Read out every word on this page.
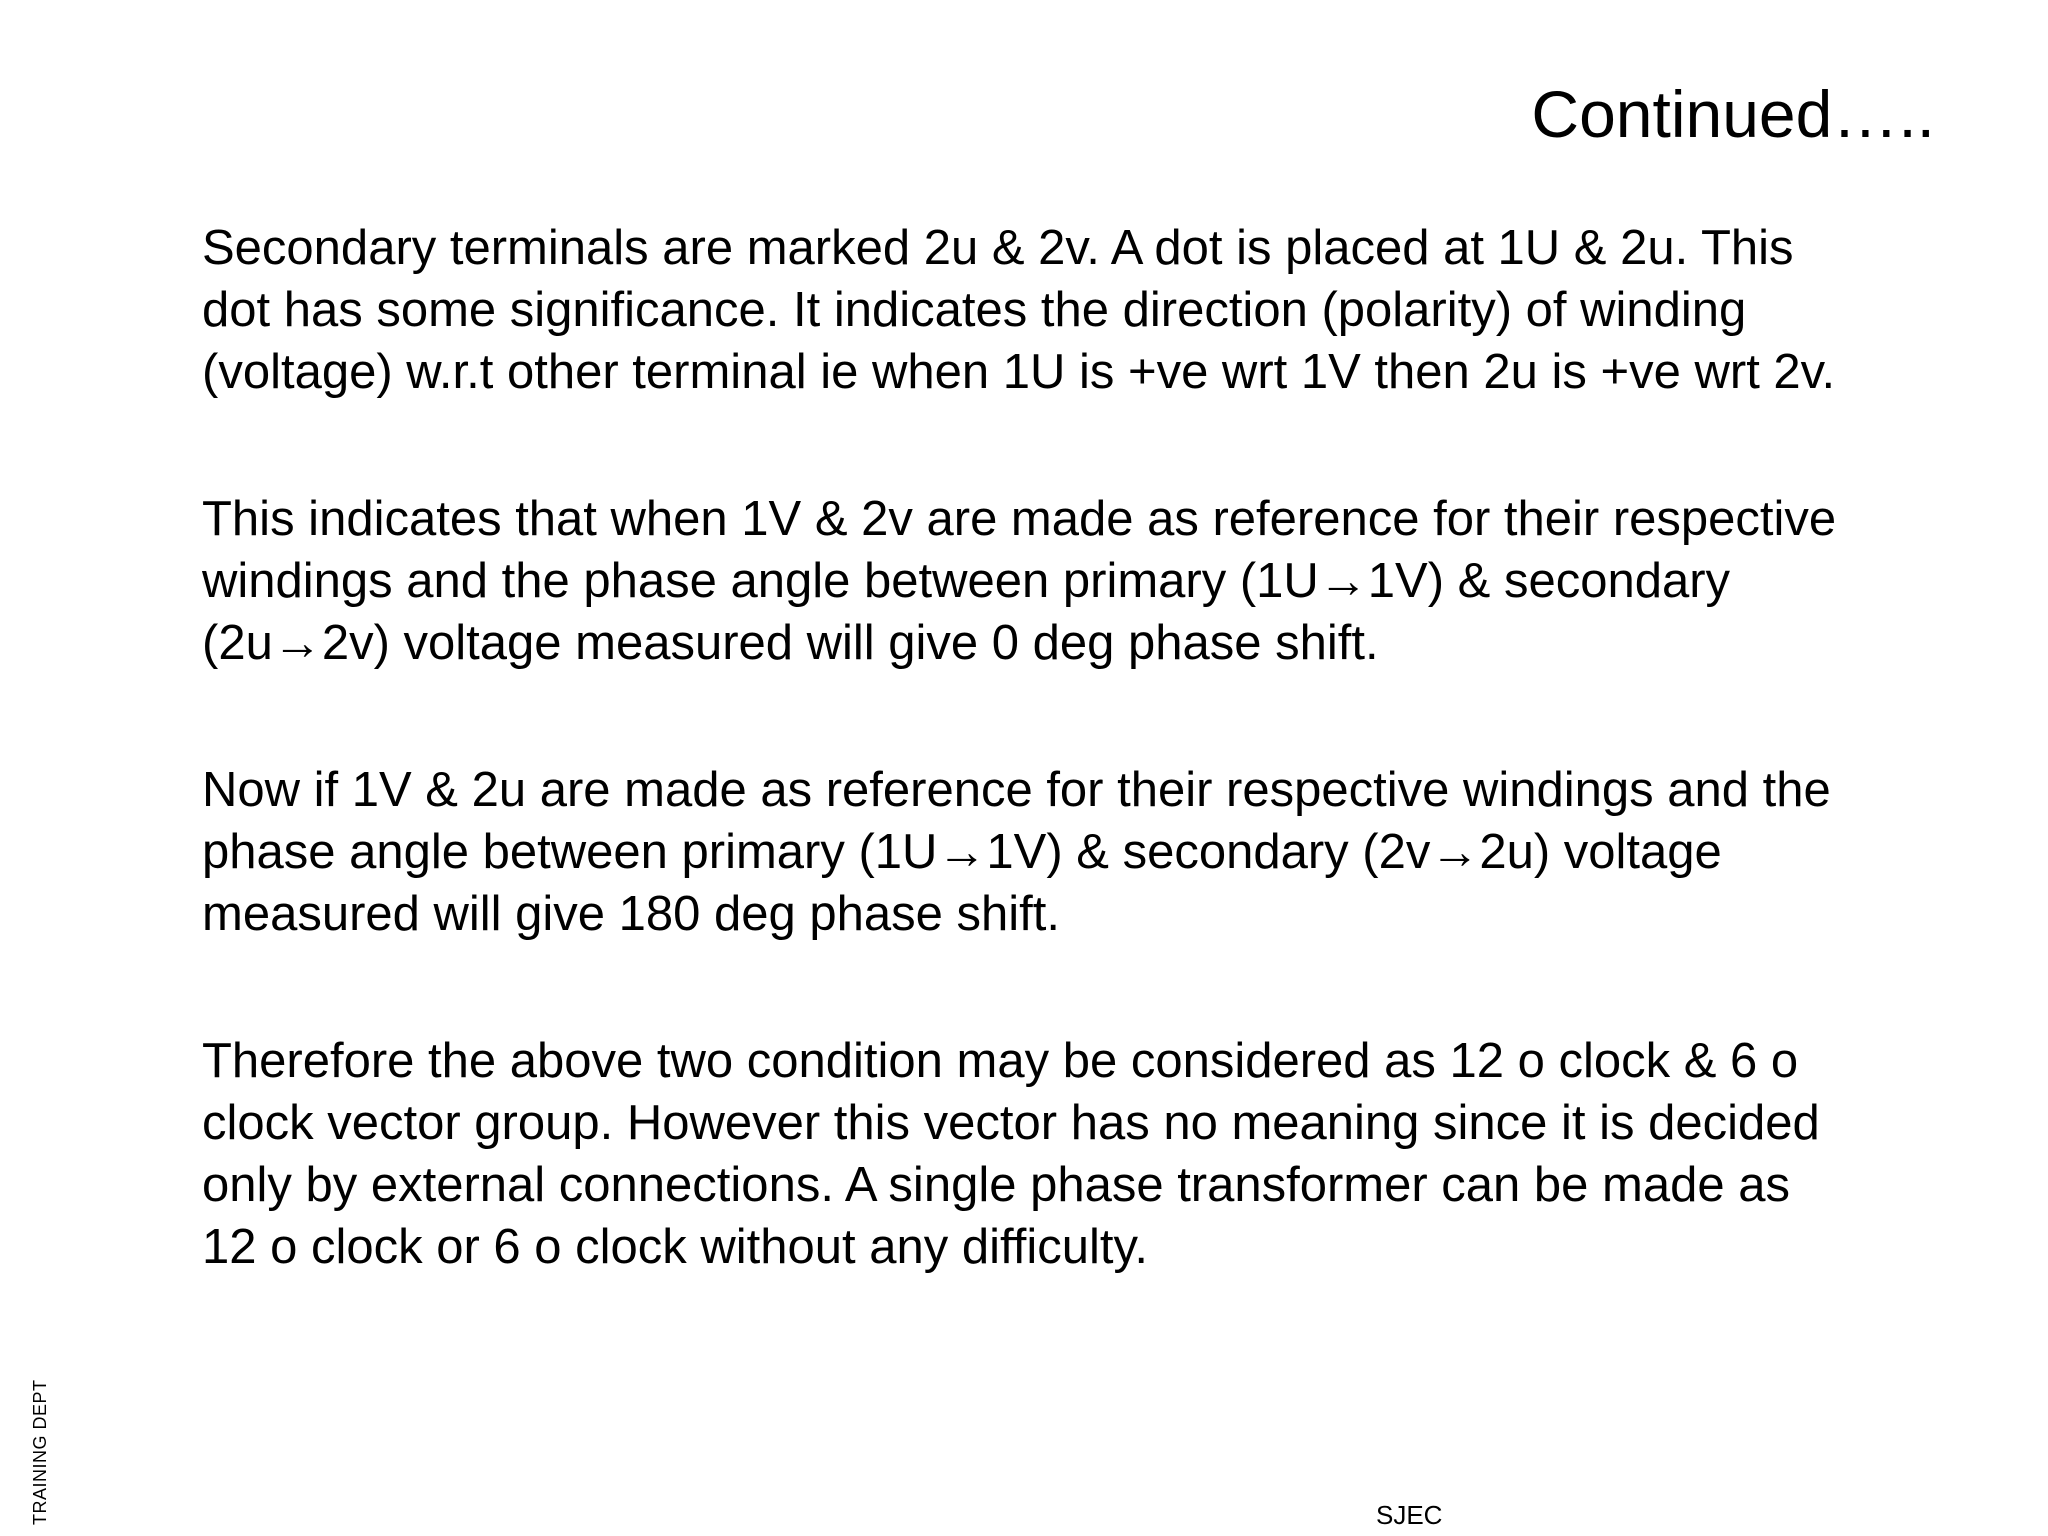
Continued…..

Secondary terminals are marked 2u & 2v. A dot is placed at 1U & 2u. This
dot has some significance. It indicates the direction (polarity) of winding
(voltage) w.r.t other terminal ie when 1U is +ve wrt 1V then 2u is +ve wrt 2v.

This indicates that when 1V & 2v are made as reference for their respective
windings and the phase angle between primary (1U→1V) & secondary
(2u→2v) voltage measured will give 0 deg phase shift.

Now if 1V & 2u are made as reference for their respective windings and the
phase angle between primary (1U→1V) & secondary (2v→2u) voltage
measured will give 180 deg phase shift.

Therefore the above two condition may be considered as 12 o clock & 6 o
clock vector group. However this vector has no meaning since it is decided
only by external connections. A single phase transformer can be made as
12 o clock or 6 o clock without any difficulty.

TRAINING DEPT	SJEC
